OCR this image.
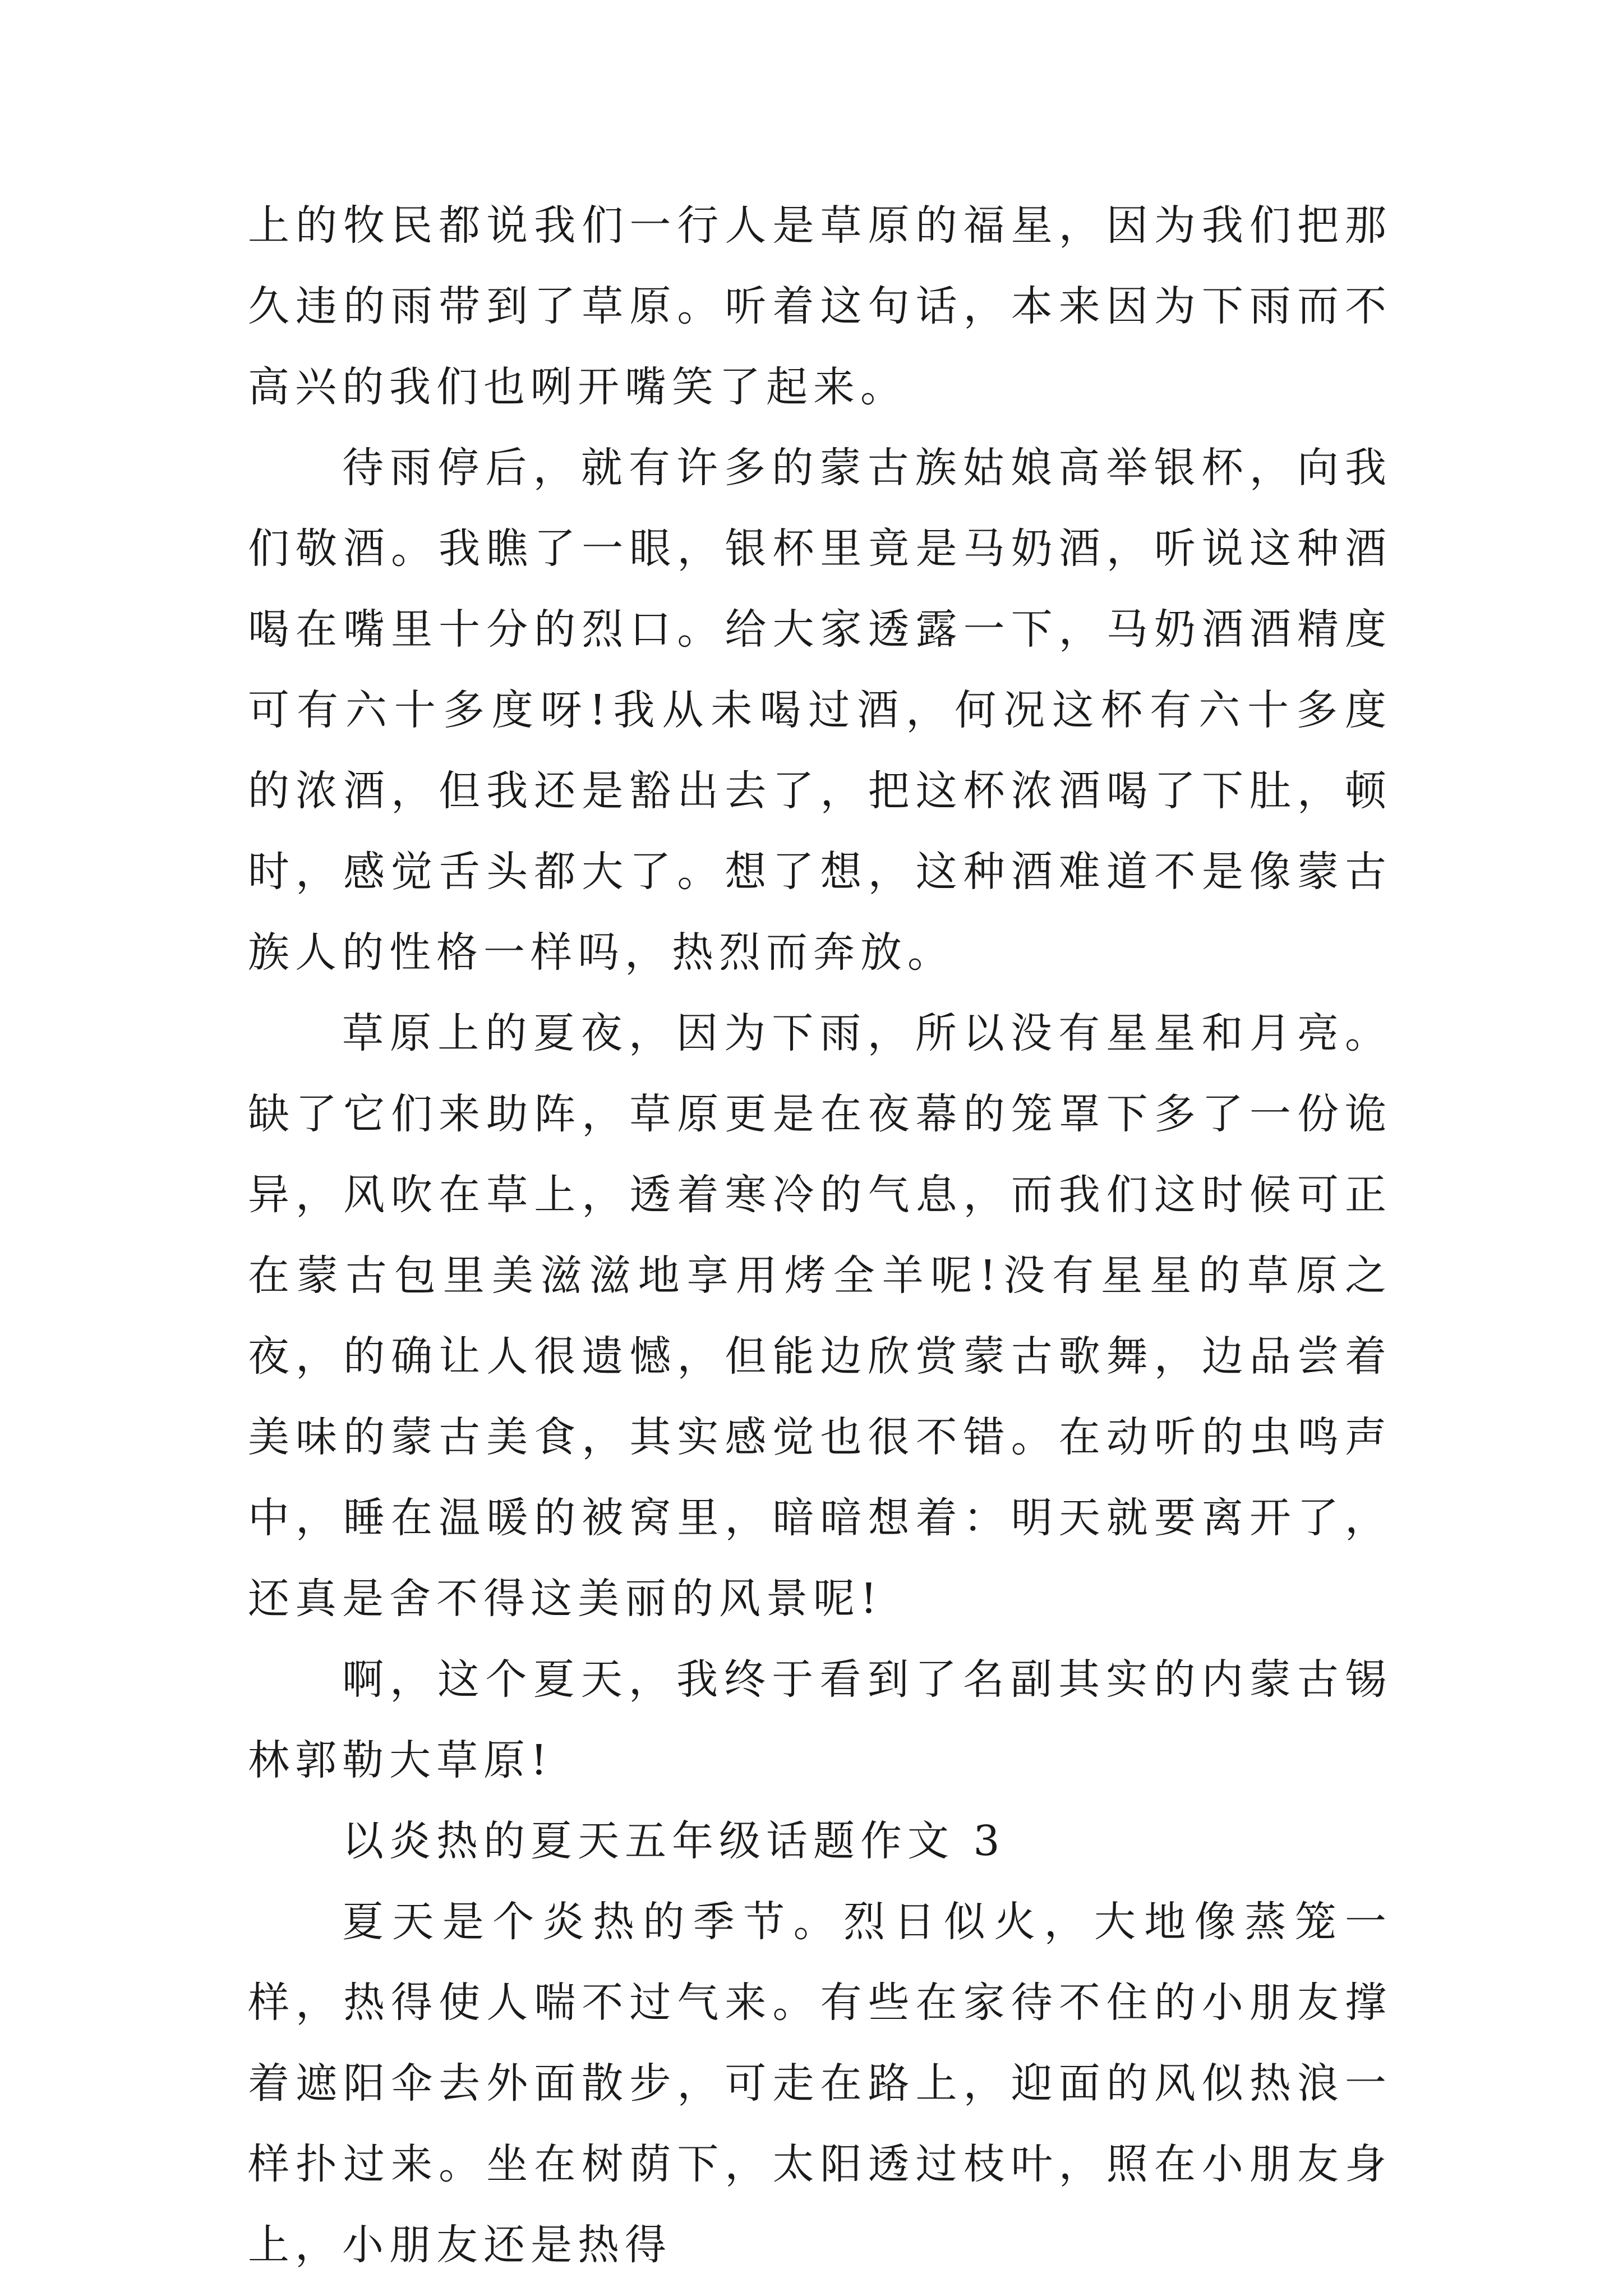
上的牧民都说我们一行人是草原的福星，因为我们把那久违的雨带到了草原。听着这句话，本来因为下雨而不高兴的我们也咧开嘴笑了起来。

待雨停后，就有许多的蒙古族姑娘高举银杯，向我们敬酒。我瞧了一眼，银杯里竟是马奶酒，听说这种酒喝在嘴里十分的烈口。给大家透露一下，马奶酒酒精度可有六十多度呀!我从未喝过酒，何况这杯有六十多度的浓酒，但我还是豁出去了，把这杯浓酒喝了下肚，顿时，感觉舌头都大了。想了想，这种酒难道不是像蒙古族人的性格一样吗，热烈而奔放。

草原上的夏夜，因为下雨，所以没有星星和月亮。缺了它们来助阵，草原更是在夜幕的笼罩下多了一份诡异，风吹在草上，透着寒冷的气息，而我们这时候可正在蒙古包里美滋滋地享用烤全羊呢!没有星星的草原之夜，的确让人很遗憾，但能边欣赏蒙古歌舞，边品尝着美味的蒙古美食，其实感觉也很不错。在动听的虫鸣声中，睡在温暖的被窝里，暗暗想着：明天就要离开了，还真是舍不得这美丽的风景呢!

啊，这个夏天，我终于看到了名副其实的内蒙古锡林郭勒大草原!

以炎热的夏天五年级话题作文 3

夏天是个炎热的季节。烈日似火，大地像蒸笼一样，热得使人喘不过气来。有些在家待不住的小朋友撑着遮阳伞去外面散步，可走在路上，迎面的风似热浪一样扑过来。坐在树荫下，太阳透过枝叶，照在小朋友身上，小朋友还是热得
